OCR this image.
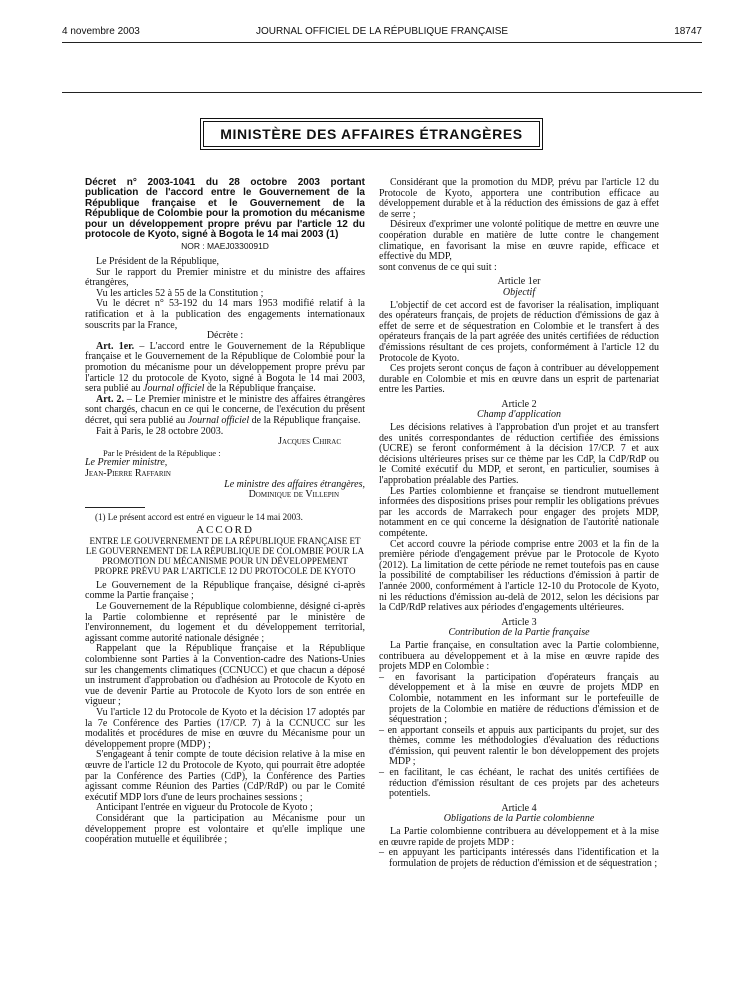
4 novembre 2003	JOURNAL OFFICIEL DE LA RÉPUBLIQUE FRANÇAISE	18747
MINISTÈRE DES AFFAIRES ÉTRANGÈRES

Décret n° 2003-1041 du 28 octobre 2003 portant publication de l'accord entre le Gouvernement de la République française et le Gouvernement de la République de Colombie pour la promotion du mécanisme pour un développement propre prévu par l'article 12 du protocole de Kyoto, signé à Bogota le 14 mai 2003 (1)

NOR : MAEJ0330091D

Le Président de la République,

Sur le rapport du Premier ministre et du ministre des affaires étrangères,

Vu les articles 52 à 55 de la Constitution ;

Vu le décret n° 53-192 du 14 mars 1953 modifié relatif à la ratification et à la publication des engagements internationaux souscrits par la France,

Décrète :

Art. 1er. – L'accord entre le Gouvernement de la République française et le Gouvernement de la République de Colombie pour la promotion du mécanisme pour un développement propre prévu par l'article 12 du protocole de Kyoto, signé à Bogota le 14 mai 2003, sera publié au Journal officiel de la République française.

Art. 2. – Le Premier ministre et le ministre des affaires étrangères sont chargés, chacun en ce qui le concerne, de l'exécution du présent décret, qui sera publié au Journal officiel de la République française.

Fait à Paris, le 28 octobre 2003.

Jacques Chirac

Par le Président de la République :

Le Premier ministre,

Jean-Pierre Raffarin

Le ministre des affaires étrangères,

Dominique de Villepin

(1) Le présent accord est entré en vigueur le 14 mai 2003.

ACCORD

ENTRE LE GOUVERNEMENT DE LA RÉPUBLIQUE FRANÇAISE ET LE GOUVERNEMENT DE LA RÉPUBLIQUE DE COLOMBIE POUR LA PROMOTION DU MÉCANISME POUR UN DÉVELOPPEMENT PROPRE PRÉVU PAR L'ARTICLE 12 DU PROTOCOLE DE KYOTO

Le Gouvernement de la République française, désigné ci-après comme la Partie française ;

Le Gouvernement de la République colombienne, désigné ci-après la Partie colombienne et représenté par le ministère de l'environnement, du logement et du développement territorial, agissant comme autorité nationale désignée ;

Rappelant que la République française et la République colombienne sont Parties à la Convention-cadre des Nations-Unies sur les changements climatiques (CCNUCC) et que chacun a déposé un instrument d'approbation ou d'adhésion au Protocole de Kyoto en vue de devenir Partie au Protocole de Kyoto lors de son entrée en vigueur ;

Vu l'article 12 du Protocole de Kyoto et la décision 17 adoptés par la 7e Conférence des Parties (17/CP. 7) à la CCNUCC sur les modalités et procédures de mise en œuvre du Mécanisme pour un développement propre (MDP) ;

S'engageant à tenir compte de toute décision relative à la mise en œuvre de l'article 12 du Protocole de Kyoto, qui pourrait être adoptée par la Conférence des Parties (CdP), la Conférence des Parties agissant comme Réunion des Parties (CdP/RdP) ou par le Comité exécutif MDP lors d'une de leurs prochaines sessions ;

Anticipant l'entrée en vigueur du Protocole de Kyoto ;

Considérant que la participation au Mécanisme pour un développement propre est volontaire et qu'elle implique une coopération mutuelle et équilibrée ;

Considérant que la promotion du MDP, prévu par l'article 12 du Protocole de Kyoto, apportera une contribution efficace au développement durable et à la réduction des émissions de gaz à effet de serre ;

Désireux d'exprimer une volonté politique de mettre en œuvre une coopération durable en matière de lutte contre le changement climatique, en favorisant la mise en œuvre rapide, efficace et effective du MDP,

sont convenus de ce qui suit :

Article 1er

Objectif

L'objectif de cet accord est de favoriser la réalisation, impliquant des opérateurs français, de projets de réduction d'émissions de gaz à effet de serre et de séquestration en Colombie et le transfert à des opérateurs français de la part agréée des unités certifiées de réduction d'émissions résultant de ces projets, conformément à l'article 12 du Protocole de Kyoto.

Ces projets seront conçus de façon à contribuer au développement durable en Colombie et mis en œuvre dans un esprit de partenariat entre les Parties.

Article 2

Champ d'application

Les décisions relatives à l'approbation d'un projet et au transfert des unités correspondantes de réduction certifiée des émissions (UCRE) se feront conformément à la décision 17/CP. 7 et aux décisions ultérieures prises sur ce thème par les CdP, la CdP/RdP ou le Comité exécutif du MDP, et seront, en particulier, soumises à l'approbation préalable des Parties.

Les Parties colombienne et française se tiendront mutuellement informées des dispositions prises pour remplir les obligations prévues par les accords de Marrakech pour engager des projets MDP, notamment en ce qui concerne la désignation de l'autorité nationale compétente.

Cet accord couvre la période comprise entre 2003 et la fin de la première période d'engagement prévue par le Protocole de Kyoto (2012). La limitation de cette période ne remet toutefois pas en cause la possibilité de comptabiliser les réductions d'émission à partir de l'année 2000, conformément à l'article 12-10 du Protocole de Kyoto, ni les réductions d'émission au-delà de 2012, selon les décisions par la CdP/RdP relatives aux périodes d'engagements ultérieures.

Article 3

Contribution de la Partie française

La Partie française, en consultation avec la Partie colombienne, contribuera au développement et à la mise en œuvre rapide des projets MDP en Colombie :

– en favorisant la participation d'opérateurs français au développement et à la mise en œuvre de projets MDP en Colombie, notamment en les informant sur le portefeuille de projets de la Colombie en matière de réductions d'émission et de séquestration ;

– en apportant conseils et appuis aux participants du projet, sur des thèmes, comme les méthodologies d'évaluation des réductions d'émission, qui peuvent ralentir le bon développement des projets MDP ;

– en facilitant, le cas échéant, le rachat des unités certifiées de réduction d'émission résultant de ces projets par des acheteurs potentiels.

Article 4

Obligations de la Partie colombienne

La Partie colombienne contribuera au développement et à la mise en œuvre rapide de projets MDP :

– en appuyant les participants intéressés dans l'identification et la formulation de projets de réduction d'émission et de séquestration ;
